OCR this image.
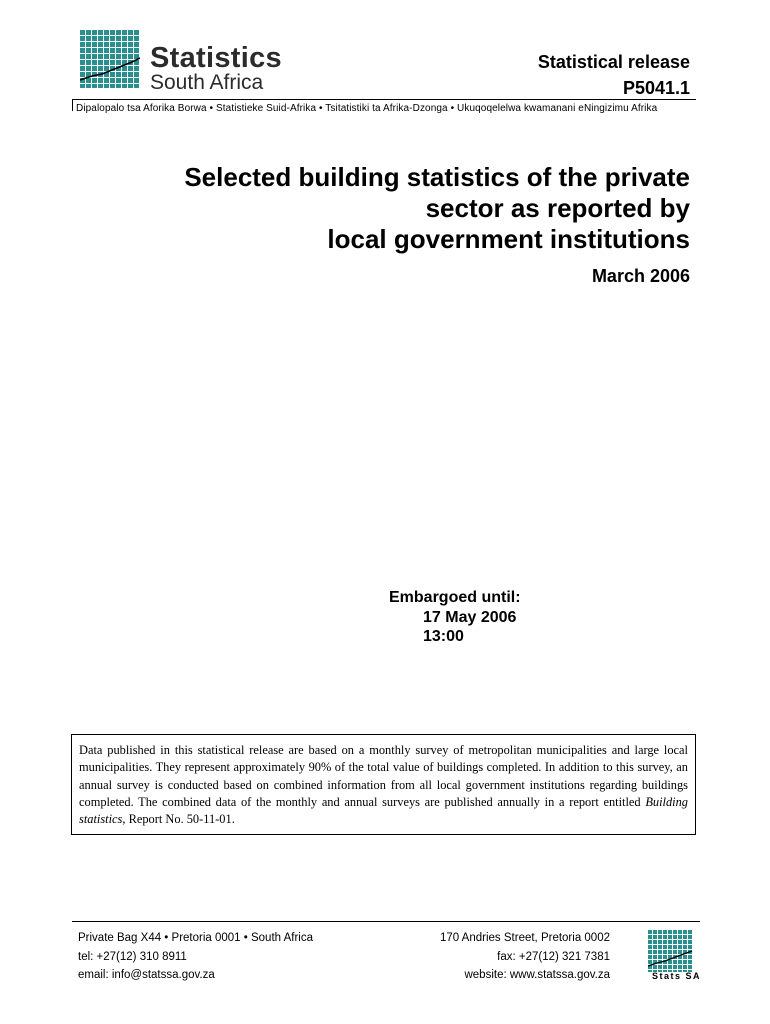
Statistics
South Africa
Statistical release
P5041.1
Dipalopalo tsa Aforika Borwa • Statistieke Suid-Afrika • Tsitatistiki ta Afrika-Dzonga • Ukuqoqelelwa kwamanani eNingizimu Afrika
Selected building statistics of the private
sector as reported by
local government institutions
March 2006
Embargoed until:
17 May 2006
13:00
Data published in this statistical release are based on a monthly survey of metropolitan municipalities and large local municipalities. They represent approximately 90% of the total value of buildings completed. In addition to this survey, an annual survey is conducted based on combined information from all local government institutions regarding buildings completed. The combined data of the monthly and annual surveys are published annually in a report entitled Building statistics, Report No. 50-11-01.
Private Bag X44 • Pretoria 0001 • South Africa
tel: +27(12) 310 8911
email: info@statssa.gov.za
170 Andries Street, Pretoria 0002
fax: +27(12) 321 7381
website: www.statssa.gov.za	Stats SA
